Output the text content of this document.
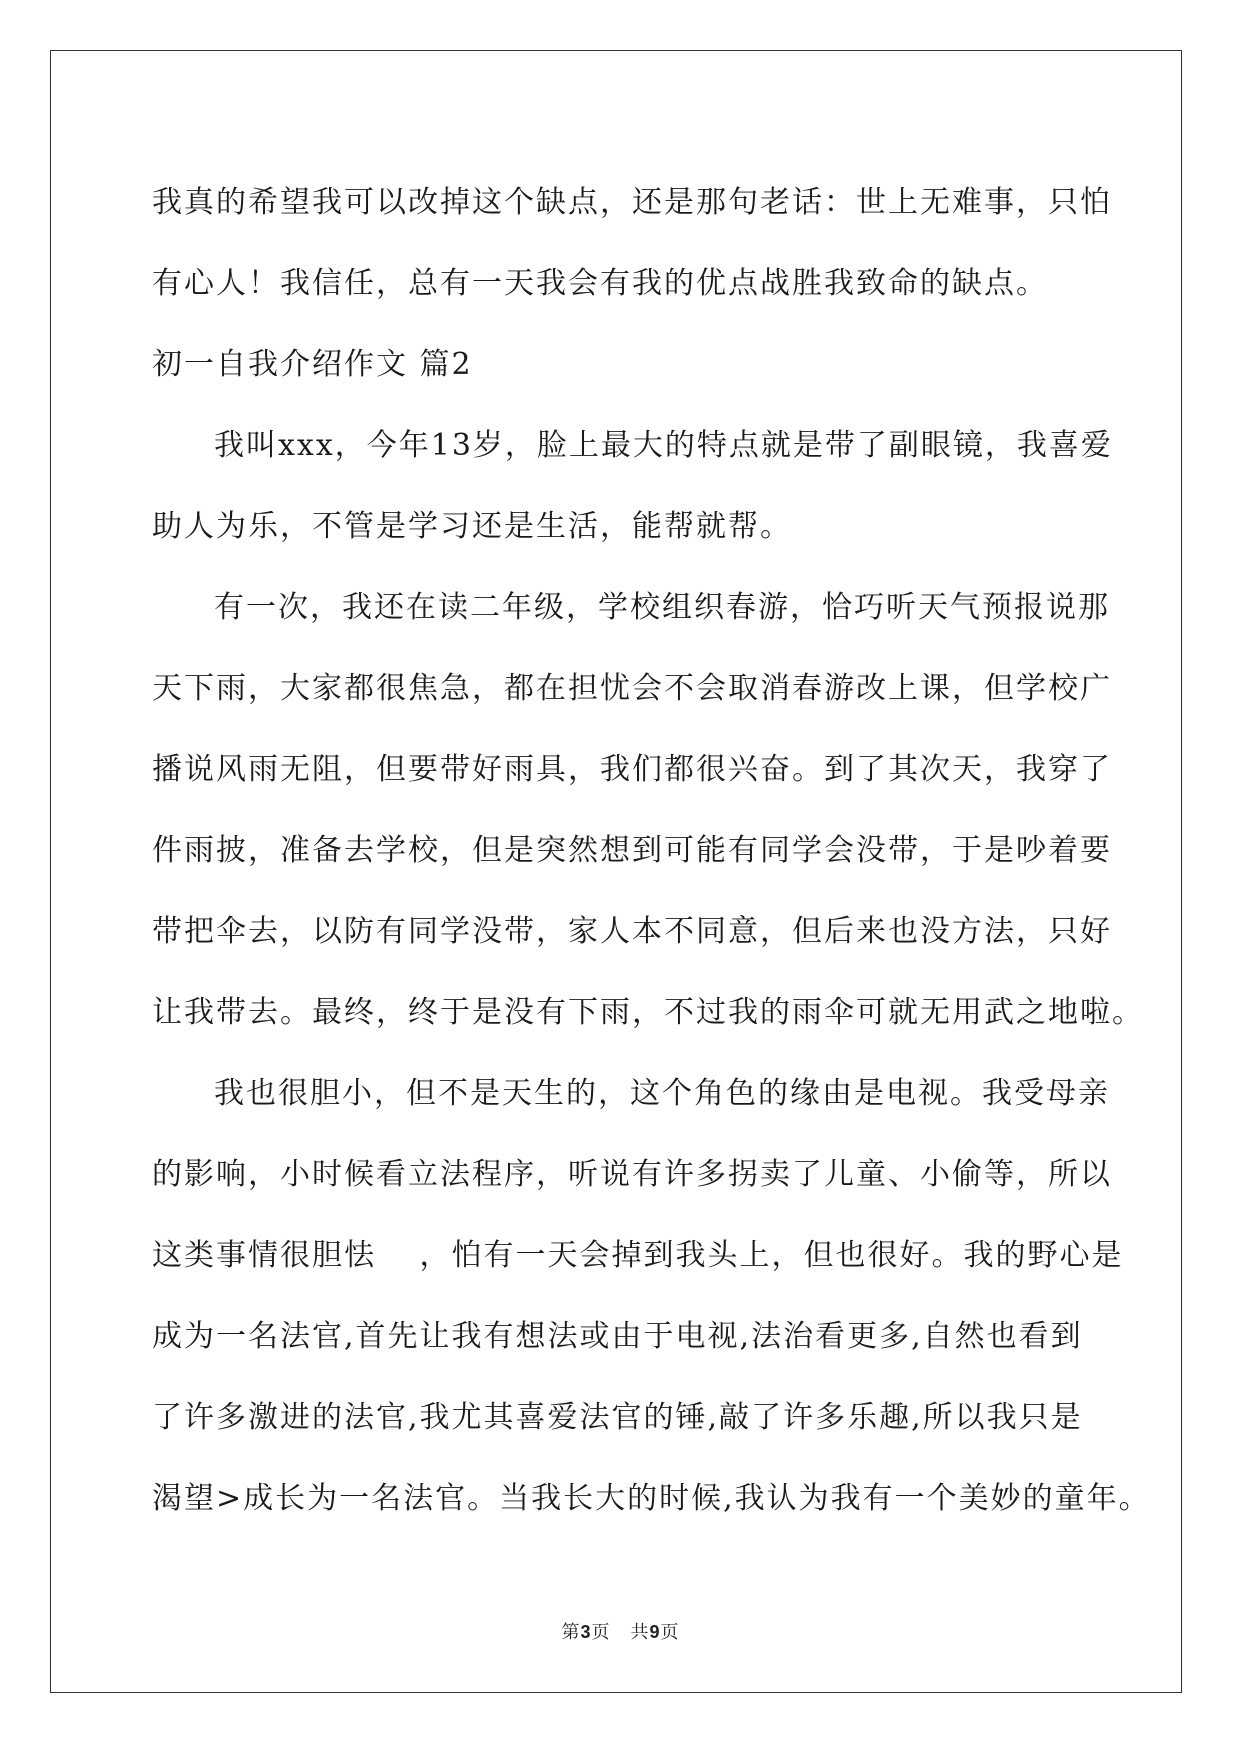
我真的希望我可以改掉这个缺点，还是那句老话：世上无难事，只怕
有心人！我信任，总有一天我会有我的优点战胜我致命的缺点。
初一自我介绍作文 篇2
我叫xxx，今年13岁，脸上最大的特点就是带了副眼镜，我喜爱
助人为乐，不管是学习还是生活，能帮就帮。
有一次，我还在读二年级，学校组织春游，恰巧听天气预报说那
天下雨，大家都很焦急，都在担忧会不会取消春游改上课，但学校广
播说风雨无阻，但要带好雨具，我们都很兴奋。到了其次天，我穿了
件雨披，准备去学校，但是突然想到可能有同学会没带，于是吵着要
带把伞去，以防有同学没带，家人本不同意，但后来也没方法，只好
让我带去。最终，终于是没有下雨，不过我的雨伞可就无用武之地啦。
我也很胆小，但不是天生的，这个角色的缘由是电视。我受母亲
的影响，小时候看立法程序，听说有许多拐卖了儿童、小偷等，所以
这类事情很胆怯　 ，怕有一天会掉到我头上，但也很好。我的野心是
成为一名法官,首先让我有想法或由于电视,法治看更多,自然也看到
了许多激进的法官,我尤其喜爱法官的锤,敲了许多乐趣,所以我只是
渴望>成长为一名法官。当我长大的时候,我认为我有一个美妙的童年。
第3页 共9页
